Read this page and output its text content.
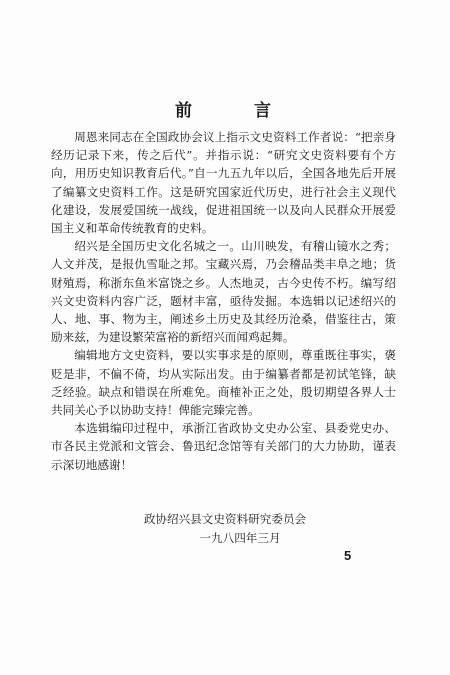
前 言

周恩来同志在全国政协会议上指示文史资料工作者说：“把亲身经历记录下来，传之后代”。并指示说：“研究文史资料要有个方向，用历史知识教育后代。”自一九五九年以后，全国各地先后开展了编纂文史资料工作。这是研究国家近代历史，进行社会主义现代化建设，发展爱国统一战线，促进祖国统一以及向人民群众开展爱国主义和革命传统教育的史料。

绍兴是全国历史文化名城之一。山川映发，有稽山镜水之秀；人文并茂，是报仇雪耻之邦。宝藏兴焉，乃会稽品类丰阜之地；货财殖焉，称浙东鱼米富饶之乡。人杰地灵，古今史传不朽。编写绍兴文史资料内容广泛，题材丰富，亟待发掘。本选辑以记述绍兴的人、地、事、物为主，阐述乡土历史及其经历沧桑，借鉴往古，策励来兹，为建设繁荣富裕的新绍兴而闻鸡起舞。

编辑地方文史资料，要以实事求是的原则，尊重既往事实，褒贬是非，不偏不倚，均从实际出发。由于编纂者都是初试笔锋，缺乏经验。缺点和错误在所难免。商榷补正之处，殷切期望各界人士共同关心予以协助支持！俾能完臻完善。

本选辑编印过程中，承浙江省政协文史办公室、县委党史办、市各民主党派和文管会、鲁迅纪念馆等有关部门的大力协助，谨表示深切地感谢！

政协绍兴县文史资料研究委员会
一九八四年三月
5
